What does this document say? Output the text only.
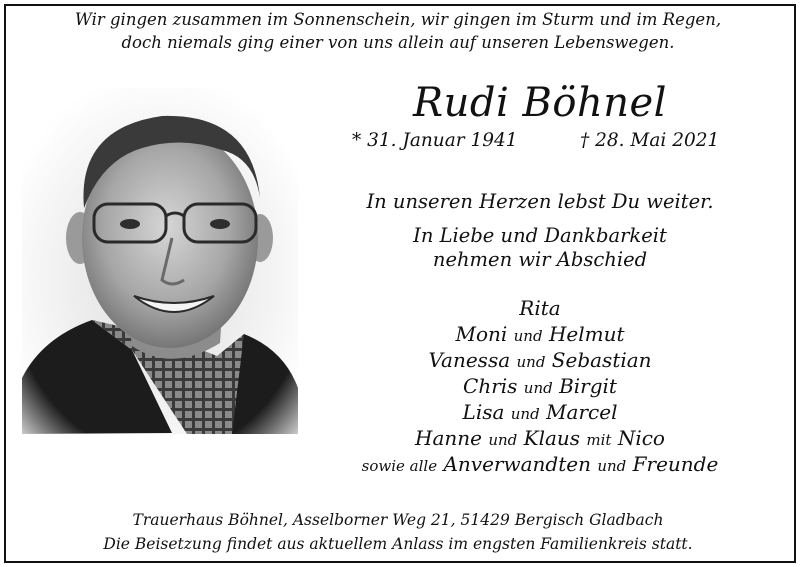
Wir gingen zusammen im Sonnenschein, wir gingen im Sturm und im Regen,
doch niemals ging einer von uns allein auf unseren Lebenswegen.
Rudi Böhnel
* 31. Januar 1941	† 28. Mai 2021
In unseren Herzen lebst Du weiter.
In Liebe und Dankbarkeit
nehmen wir Abschied
Rita
Moni und Helmut
Vanessa und Sebastian
Chris und Birgit
Lisa und Marcel
Hanne und Klaus mit Nico
sowie alle Anverwandten und Freunde
Trauerhaus Böhnel, Asselborner Weg 21, 51429 Bergisch Gladbach
Die Beisetzung findet aus aktuellem Anlass im engsten Familienkreis statt.
